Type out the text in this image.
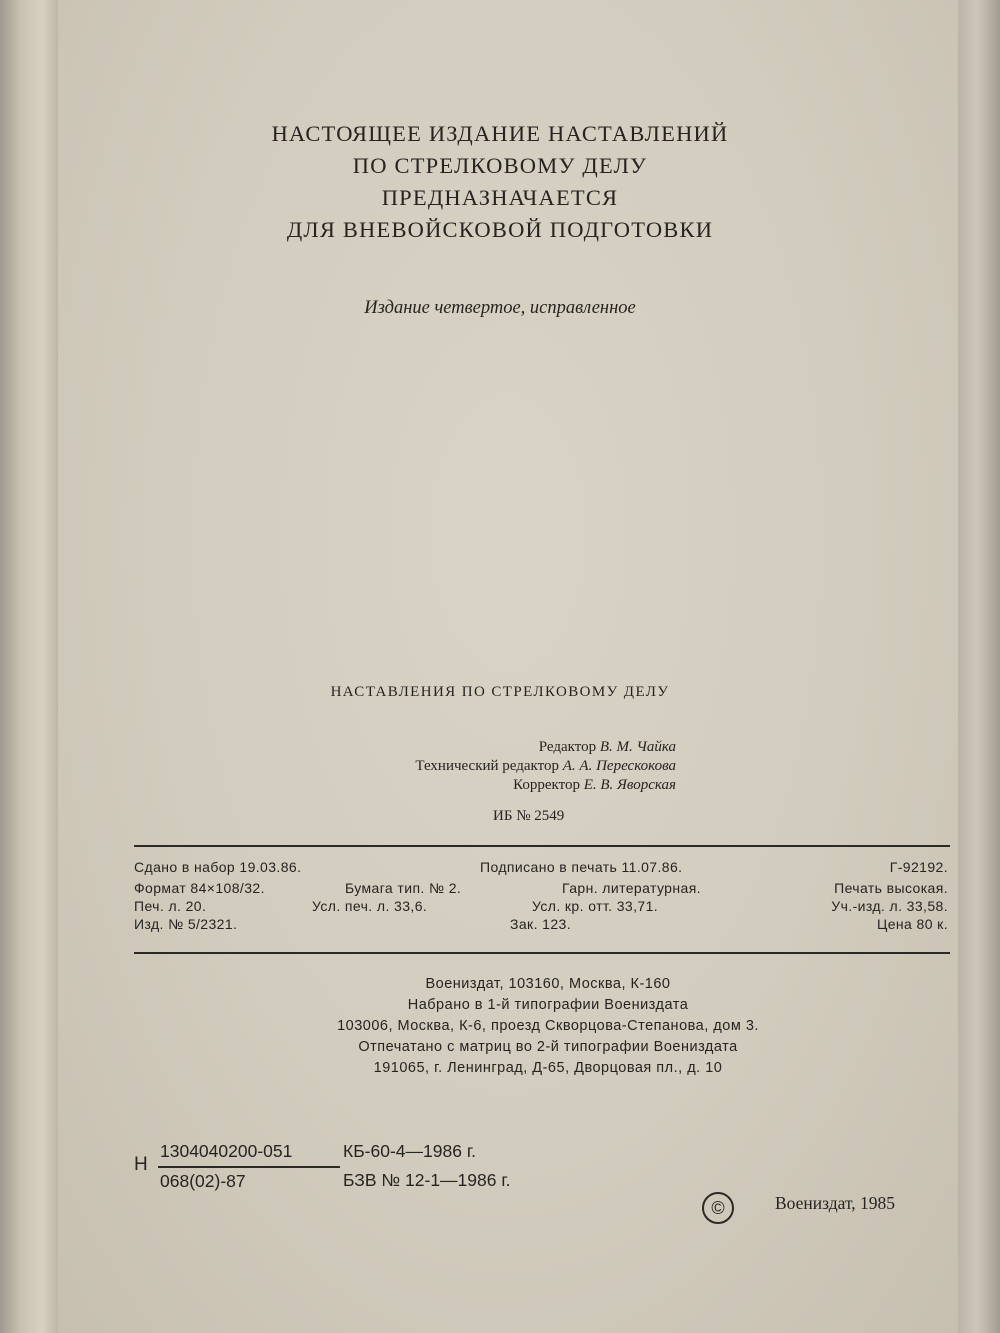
НАСТОЯЩЕЕ ИЗДАНИЕ НАСТАВЛЕНИЙ
ПО СТРЕЛКОВОМУ ДЕЛУ
ПРЕДНАЗНАЧАЕТСЯ
ДЛЯ ВНЕВОЙСКОВОЙ ПОДГОТОВКИ
Издание четвертое, исправленное
НАСТАВЛЕНИЯ ПО СТРЕЛКОВОМУ ДЕЛУ
Редактор В. М. Чайка
Технический редактор А. А. Перескокова
Корректор Е. В. Яворская
ИБ № 2549
Сдано в набор 19.03.86.	Подписано в печать 11.07.86.	Г-92192.
Формат 84×108/32.	Бумага тип. № 2.	Гарн. литературная.	Печать высокая.
Печ. л. 20.	Усл. печ. л. 33,6.	Усл. кр. отт. 33,71.	Уч.-изд. л. 33,58.
Изд. № 5/2321.	Зак. 123.	Цена 80 к.
Воениздат, 103160, Москва, К-160
Набрано в 1-й типографии Воениздата
103006, Москва, К-6, проезд Скворцова-Степанова, дом 3.
Отпечатано с матриц во 2-й типографии Воениздата
191065, г. Ленинград, Д-65, Дворцовая пл., д. 10
Н
1304040200-051
068(02)-87
КБ-60-4—1986 г.
БЗВ № 12-1—1986 г.
©	Воениздат, 1985
